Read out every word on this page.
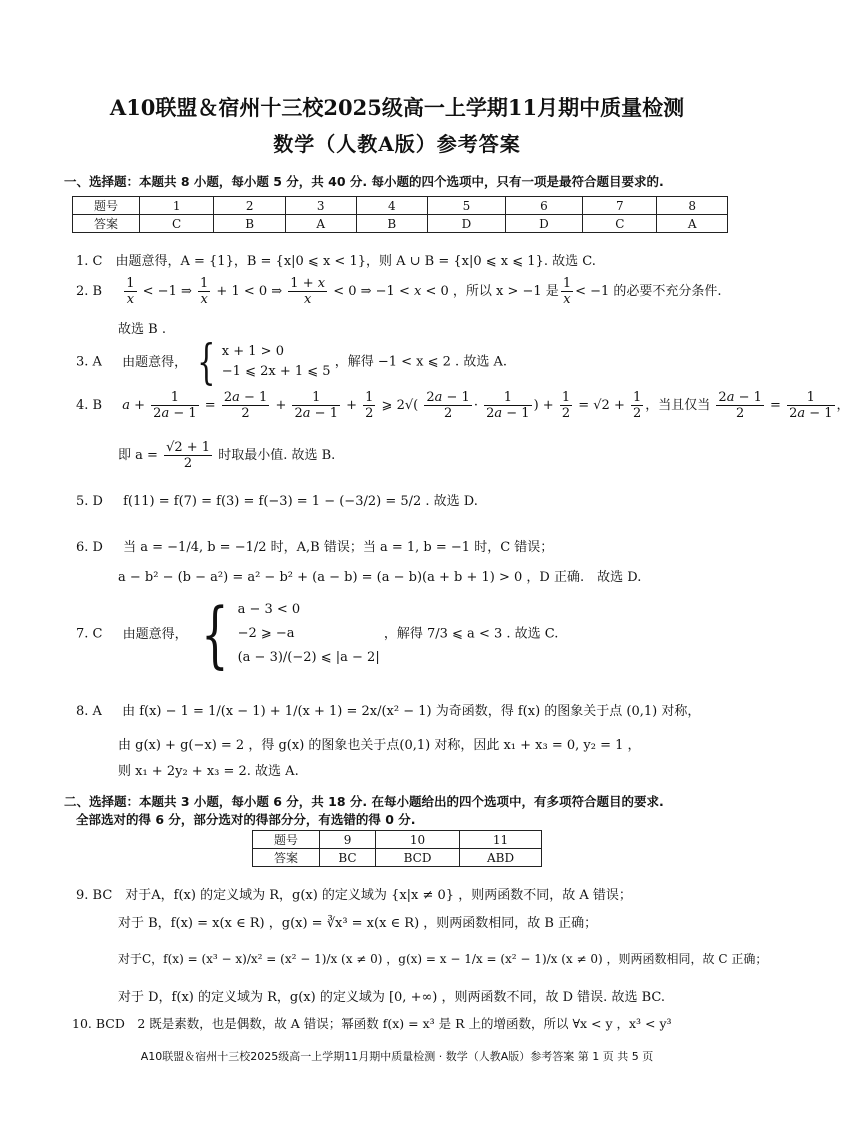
A10联盟＆宿州十三校2025级高一上学期11月期中质量检测
数学（人教A版）参考答案
一、选择题：本题共 8 小题，每小题 5 分，共 40 分. 每小题的四个选项中，只有一项是最符合题目要求的.
题号	1	2	3	4	5	6	7	8
答案	C	B	A	B	D	D	C	A
1. C　由题意得，A = {1}，B = {x|0 ⩽ x < 1}，则 A ∪ B = {x|0 ⩽ x ⩽ 1}. 故选 C.
2. B $\frac{1}{x} < -1$ ⇒ $\frac{1}{x} + 1 < 0$ ⇒ $\frac{1 + x}{x} < 0$ ⇒ −1 < x < 0 ，所以 x > −1 是 $\frac{1}{x} < -1$ 的必要不充分条件.
故选 B .
3. A 由题意得， { x + 1 > 0
−1 ⩽ 2x + 1 ⩽ 5 ，解得 −1 < x ⩽ 2 . 故选 A.
4. B $a + \frac{1}{2a - 1} = \frac{2a - 1}{2} + \frac{1}{2a - 1} + \frac{1}{2}$ ⩾ $2√( \frac{2a - 1}{2} \cdot \frac{1}{2a - 1}$ ) + $\frac{1}{2} = √2 + \frac{1}{2}$ ，当且仅当 $\frac{2a - 1}{2} = \frac{1}{2a - 1}$ ，
即 $a = \frac{√2 + 1}{2}$ 时取最小值. 故选 B.
5. D f(11) = f(7) = f(3) = f(−3) = 1 − (−3/2) = 5/2 . 故选 D.
6. D 当 a = −1/4, b = −1/2 时，A,B 错误；当 a = 1, b = −1 时，C 错误；
a − b² − (b − a²) = a² − b² + (a − b) = (a − b)(a + b + 1) > 0 ，D 正确.　故选 D.
7. C 由题意得， { a − 3 < 0
−2 ⩾ −a
(a − 3)/(−2) ⩽ |a − 2| ，解得 7/3 ⩽ a < 3 . 故选 C.
8. A 由 f(x) − 1 = 1/(x − 1) + 1/(x + 1) = 2x/(x² − 1) 为奇函数，得 f(x) 的图象关于点 (0,1) 对称，
由 g(x) + g(−x) = 2 ，得 g(x) 的图象也关于点(0,1) 对称，因此 x₁ + x₃ = 0, y₂ = 1 ，
则 x₁ + 2y₂ + x₃ = 2. 故选 A.
二、选择题：本题共 3 小题，每小题 6 分，共 18 分. 在每小题给出的四个选项中，有多项符合题目的要求.
全部选对的得 6 分，部分选对的得部分分，有选错的得 0 分.
题号	9	10	11
答案	BC	BCD	ABD
9. BC　对于A，f(x) 的定义域为 R，g(x) 的定义域为 {x|x ≠ 0} ，则两函数不同，故 A 错误；
对于 B，f(x) = x(x ∈ R) ，g(x) = ∛x³ = x(x ∈ R) ，则两函数相同，故 B 正确；
对于C，f(x) = (x³ − x)/x² = (x² − 1)/x (x ≠ 0) ，g(x) = x − 1/x = (x² − 1)/x (x ≠ 0) ，则两函数相同，故 C 正确；
对于 D，f(x) 的定义域为 R，g(x) 的定义域为 [0, +∞) ，则两函数不同，故 D 错误. 故选 BC.
10. BCD　2 既是素数，也是偶数，故 A 错误；幂函数 f(x) = x³ 是 R 上的增函数，所以 ∀x < y ，x³ < y³
A10联盟＆宿州十三校2025级高一上学期11月期中质量检测 · 数学（人教A版）参考答案 第 1 页 共 5 页
